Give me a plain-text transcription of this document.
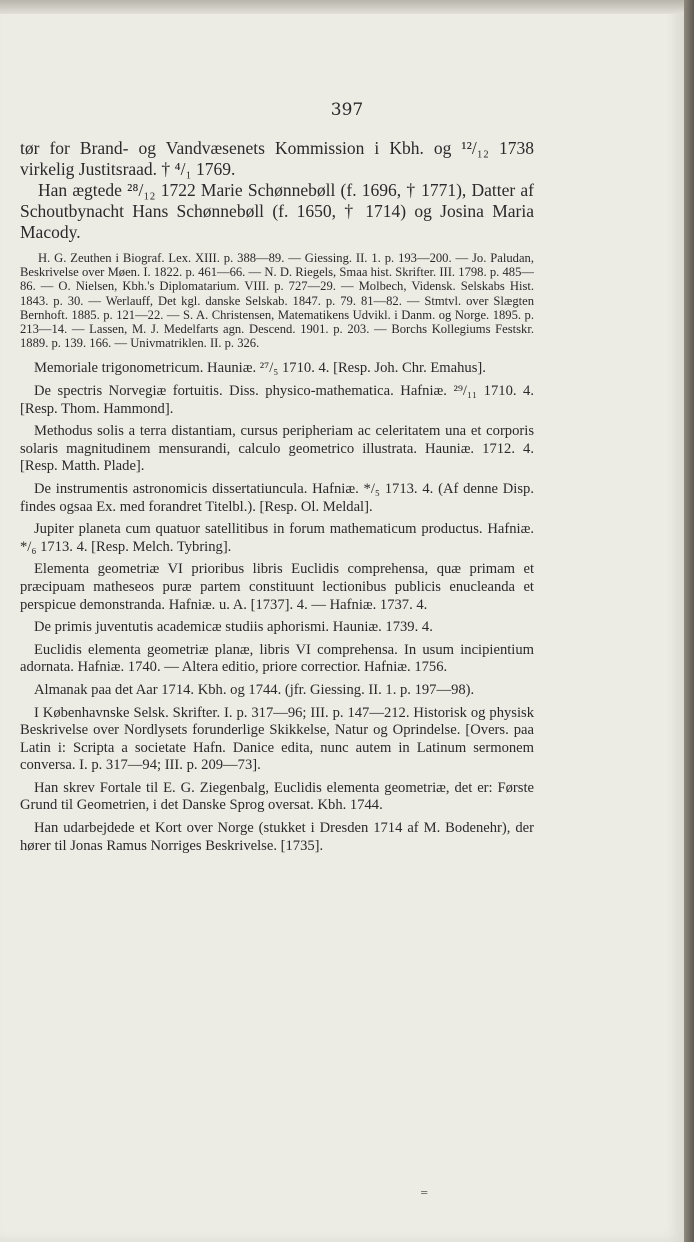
397

tør for Brand- og Vandvæsenets Kommission i Kbh. og ¹²/₁₂ 1738 virkelig Justitsraad. † ⁴/₁ 1769.

Han ægtede ²⁸/₁₂ 1722 Marie Schønnebøll (f. 1696, † 1771), Datter af Schoutbynacht Hans Schønnebøll (f. 1650, † 1714) og Josina Maria Macody.

H. G. Zeuthen i Biograf. Lex. XIII. p. 388—89. — Giessing. II. 1. p. 193—200. — Jo. Paludan, Beskrivelse over Møen. I. 1822. p. 461—66. — N. D. Riegels, Smaa hist. Skrifter. III. 1798. p. 485—86. — O. Nielsen, Kbh.'s Diplomatarium. VIII. p. 727—29. — Molbech, Vidensk. Selskabs Hist. 1843. p. 30. — Werlauff, Det kgl. danske Selskab. 1847. p. 79. 81—82. — Stmtvl. over Slægten Bernhoft. 1885. p. 121—22. — S. A. Christensen, Matematikens Udvikl. i Danm. og Norge. 1895. p. 213—14. — Lassen, M. J. Medelfarts agn. Descend. 1901. p. 203. — Borchs Kollegiums Festskr. 1889. p. 139. 166. — Univmatriklen. II. p. 326.

Memoriale trigonometricum. Hauniæ. ²⁷/₅ 1710. 4. [Resp. Joh. Chr. Emahus].

De spectris Norvegiæ fortuitis. Diss. physico-mathematica. Hafniæ. ²⁹/₁₁ 1710. 4. [Resp. Thom. Hammond].

Methodus solis a terra distantiam, cursus peripheriam ac celeritatem una et corporis solaris magnitudinem mensurandi, calculo geometrico illustrata. Hauniæ. 1712. 4. [Resp. Matth. Plade].

De instrumentis astronomicis dissertatiuncula. Hafniæ. */₅ 1713. 4. (Af denne Disp. findes ogsaa Ex. med forandret Titelbl.). [Resp. Ol. Meldal].

Jupiter planeta cum quatuor satellitibus in forum mathematicum productus. Hafniæ. */₆ 1713. 4. [Resp. Melch. Tybring].

Elementa geometriæ VI prioribus libris Euclidis comprehensa, quæ primam et præcipuam matheseos puræ partem constituunt lectionibus publicis enucleanda et perspicue demonstranda. Hafniæ. u. A. [1737]. 4. — Hafniæ. 1737. 4.

De primis juventutis academicæ studiis aphorismi. Hauniæ. 1739. 4.

Euclidis elementa geometriæ planæ, libris VI comprehensa. In usum incipientium adornata. Hafniæ. 1740. — Altera editio, priore correctior. Hafniæ. 1756.

Almanak paa det Aar 1714. Kbh. og 1744. (jfr. Giessing. II. 1. p. 197—98).

I Københavnske Selsk. Skrifter. I. p. 317—96; III. p. 147—212. Historisk og physisk Beskrivelse over Nordlysets forunderlige Skikkelse, Natur og Oprindelse. [Overs. paa Latin i: Scripta a societate Hafn. Danice edita, nunc autem in Latinum sermonem conversa. I. p. 317—94; III. p. 209—73].

Han skrev Fortale til E. G. Ziegenbalg, Euclidis elementa geometriæ, det er: Første Grund til Geometrien, i det Danske Sprog oversat. Kbh. 1744.

Han udarbejdede et Kort over Norge (stukket i Dresden 1714 af M. Bodenehr), der hører til Jonas Ramus Norriges Beskrivelse. [1735].

=
